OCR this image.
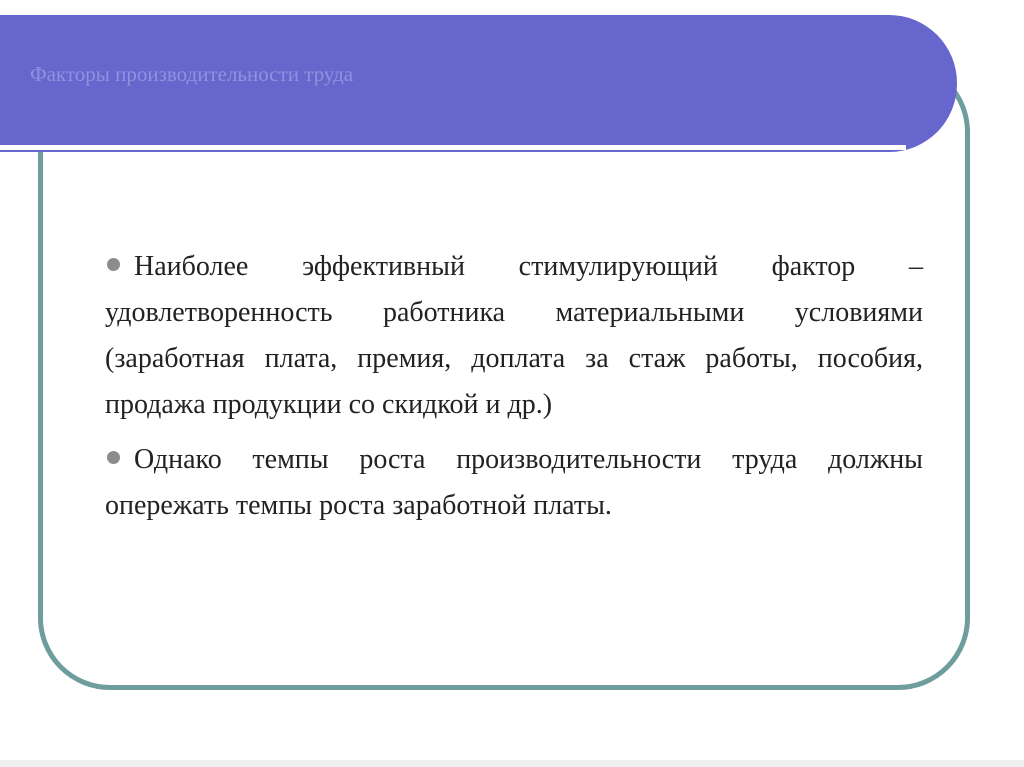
Факторы производительности труда
Наиболее эффективный стимулирующий фактор – удовлетворенность работника материальными условиями (заработная плата, премия, доплата за стаж работы, пособия, продажа продукции со скидкой и др.)
Однако темпы роста производительности труда должны опережать темпы роста заработной платы.
